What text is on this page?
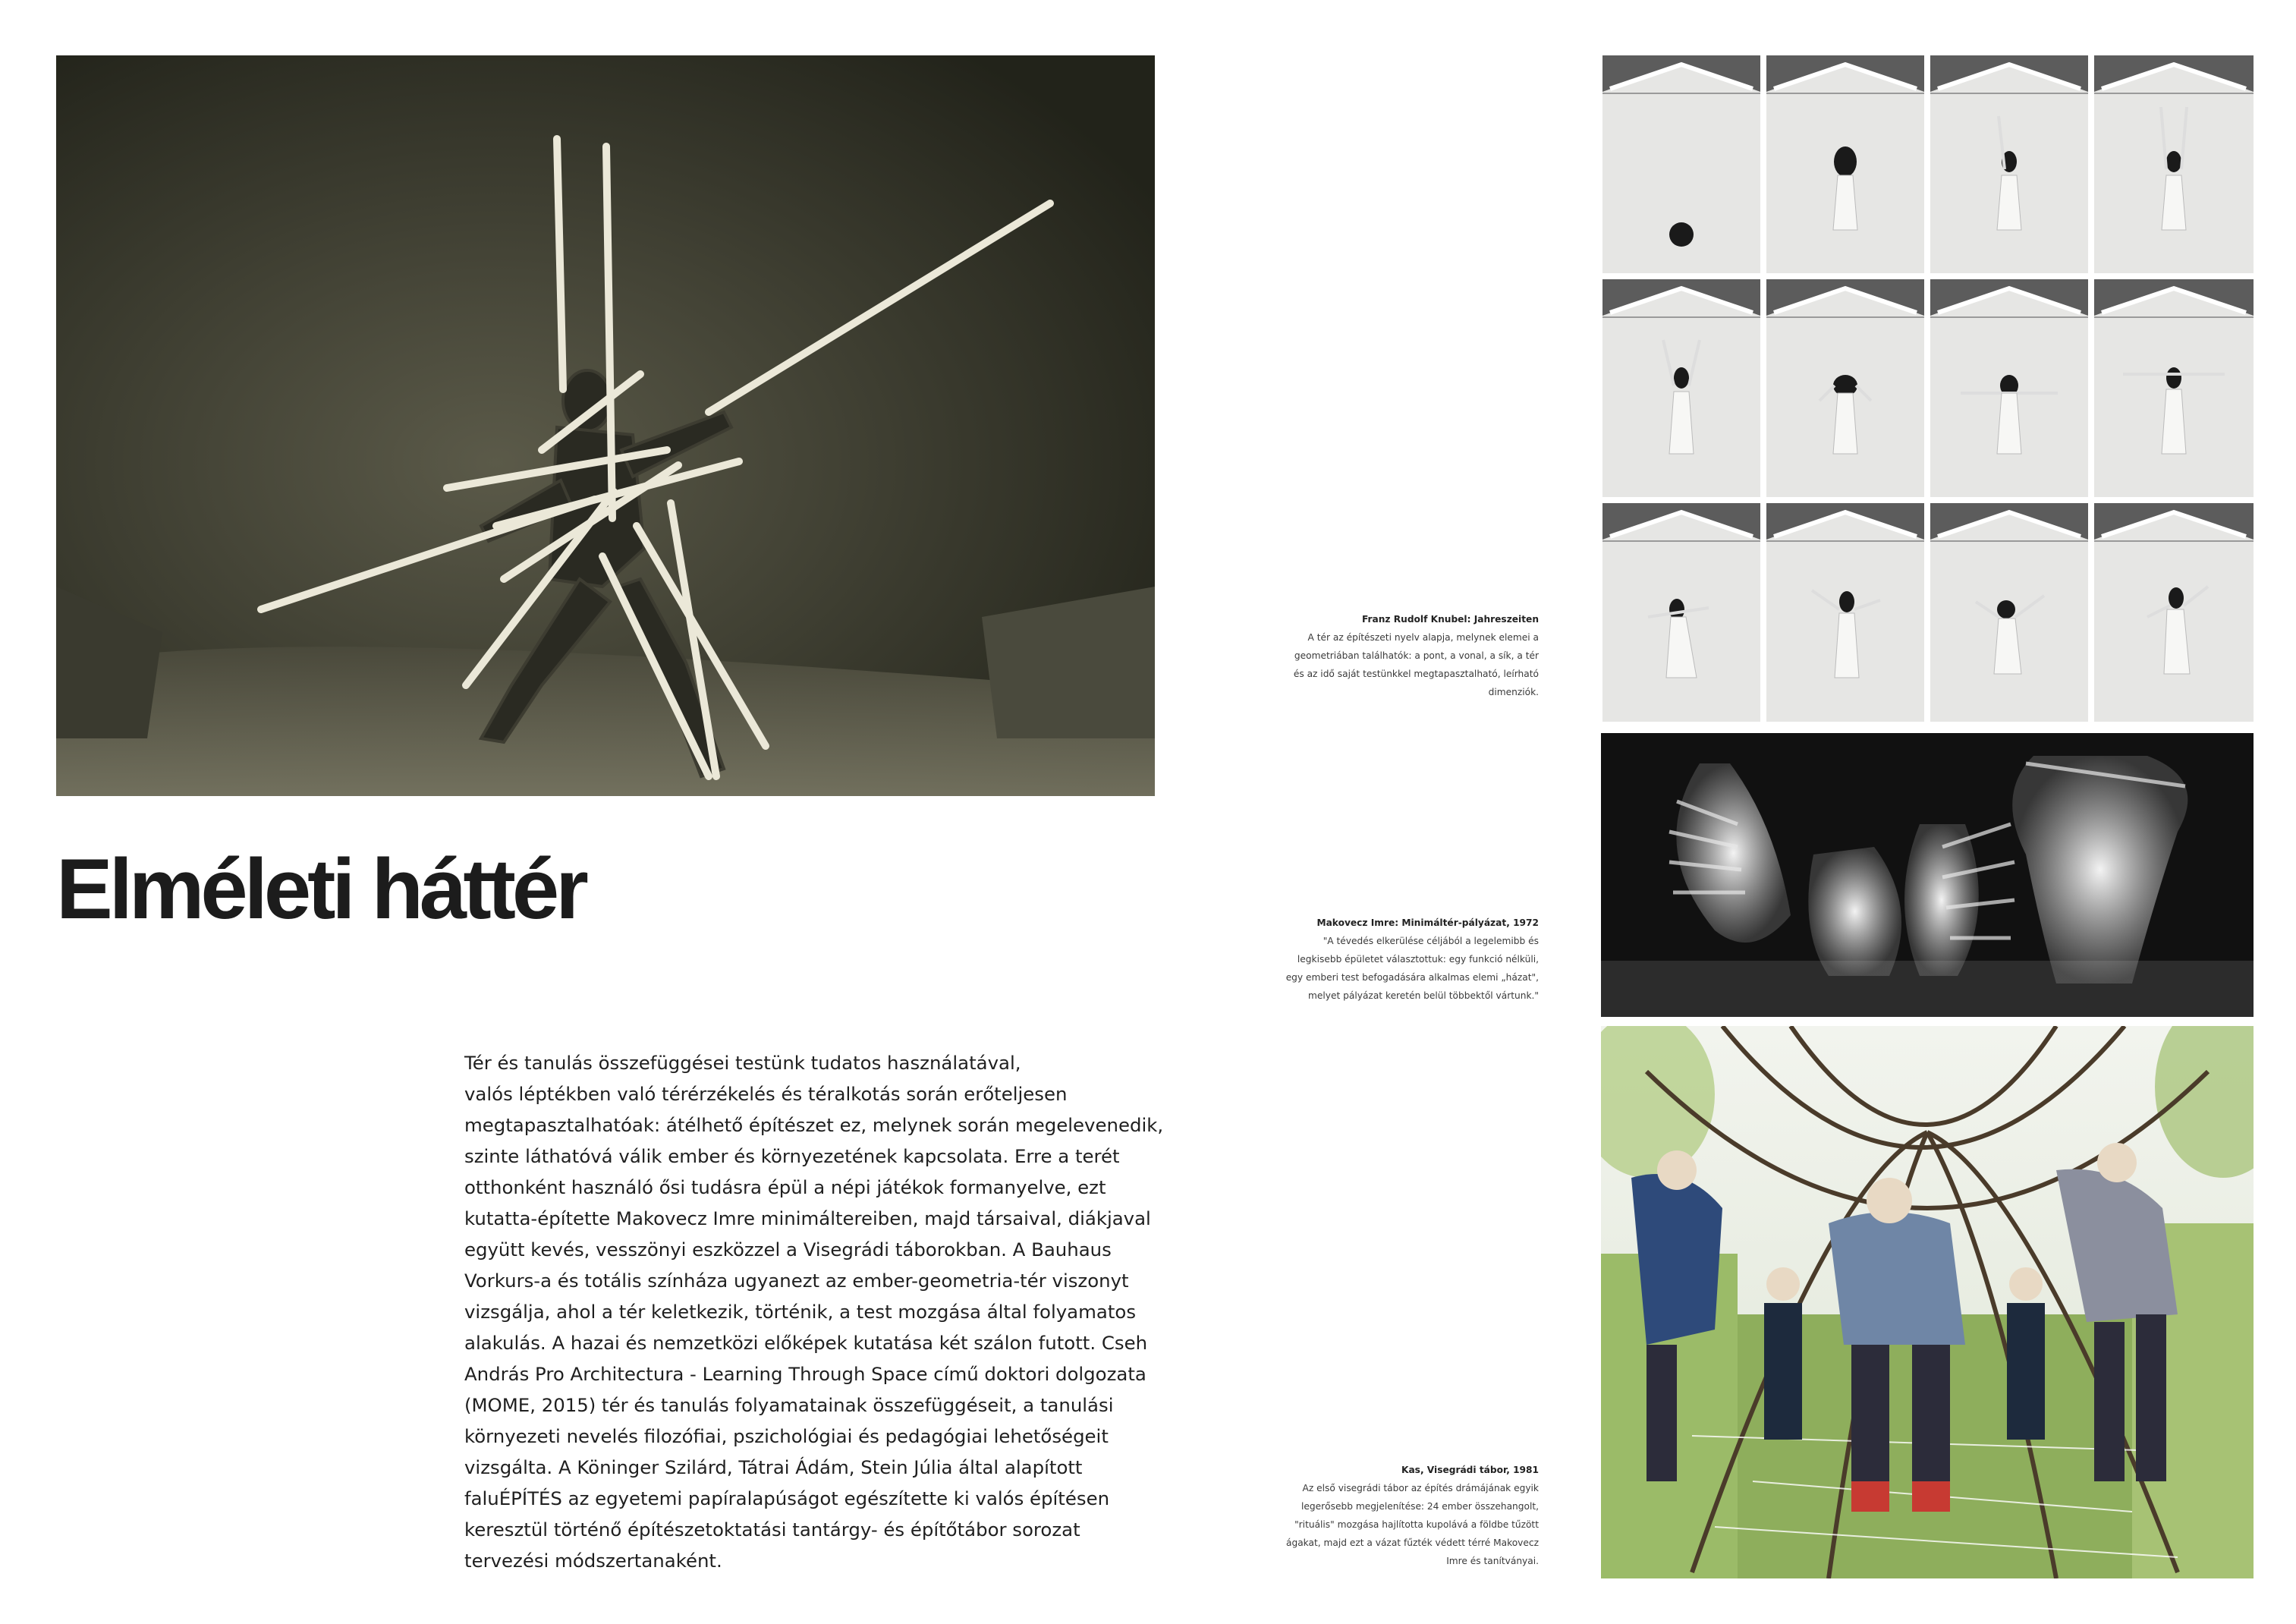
Elméleti háttér
Tér és tanulás összefüggései testünk tudatos használatával,
valós léptékben való térérzékelés és téralkotás során erőteljesen
megtapasztalhatóak: átélhető építészet ez, melynek során megelevenedik,
szinte láthatóvá válik ember és környezetének kapcsolata. Erre a terét
otthonként használó ősi tudásra épül a népi játékok formanyelve, ezt
kutatta-építette Makovecz Imre minimáltereiben, majd társaival, diákjaval
együtt kevés, vesszönyi eszközzel a Visegrádi táborokban. A Bauhaus
Vorkurs-a és totális színháza ugyanezt az ember-geometria-tér viszonyt
vizsgálja, ahol a tér keletkezik, történik, a test mozgása által folyamatos
alakulás. A hazai és nemzetközi előképek kutatása két szálon futott. Cseh
András Pro Architectura - Learning Through Space című doktori dolgozata
(MOME, 2015) tér és tanulás folyamatainak összefüggéseit, a tanulási
környezeti nevelés filozófiai, pszichológiai és pedagógiai lehetőségeit
vizsgálta. A Köninger Szilárd, Tátrai Ádám, Stein Júlia által alapított
faluÉPÍTÉS az egyetemi papíralapúságot egészítette ki valós építésen
keresztül történő építészetoktatási tantárgy- és építőtábor sorozat
tervezési módszertanaként.
Franz Rudolf Knubel: Jahreszeiten
A tér az építészeti nyelv alapja, melynek elemei a
geometriában találhatók: a pont, a vonal, a sík, a tér
és az idő saját testünkkel megtapasztalható, leírható
dimenziók.
Makovecz Imre: Minimáltér-pályázat, 1972
"A tévedés elkerülése céljából a legelemibb és
legkisebb épületet választottuk: egy funkció nélküli,
egy emberi test befogadására alkalmas elemi „házat",
melyet pályázat keretén belül többektől vártunk."
Kas, Visegrádi tábor, 1981
Az első visegrádi tábor az építés drámájának egyik
legerősebb megjelenítése: 24 ember összehangolt,
"rituális" mozgása hajlította kupolává a földbe tűzött
ágakat, majd ezt a vázat fűzték védett térré Makovecz
Imre és tanítványai.
